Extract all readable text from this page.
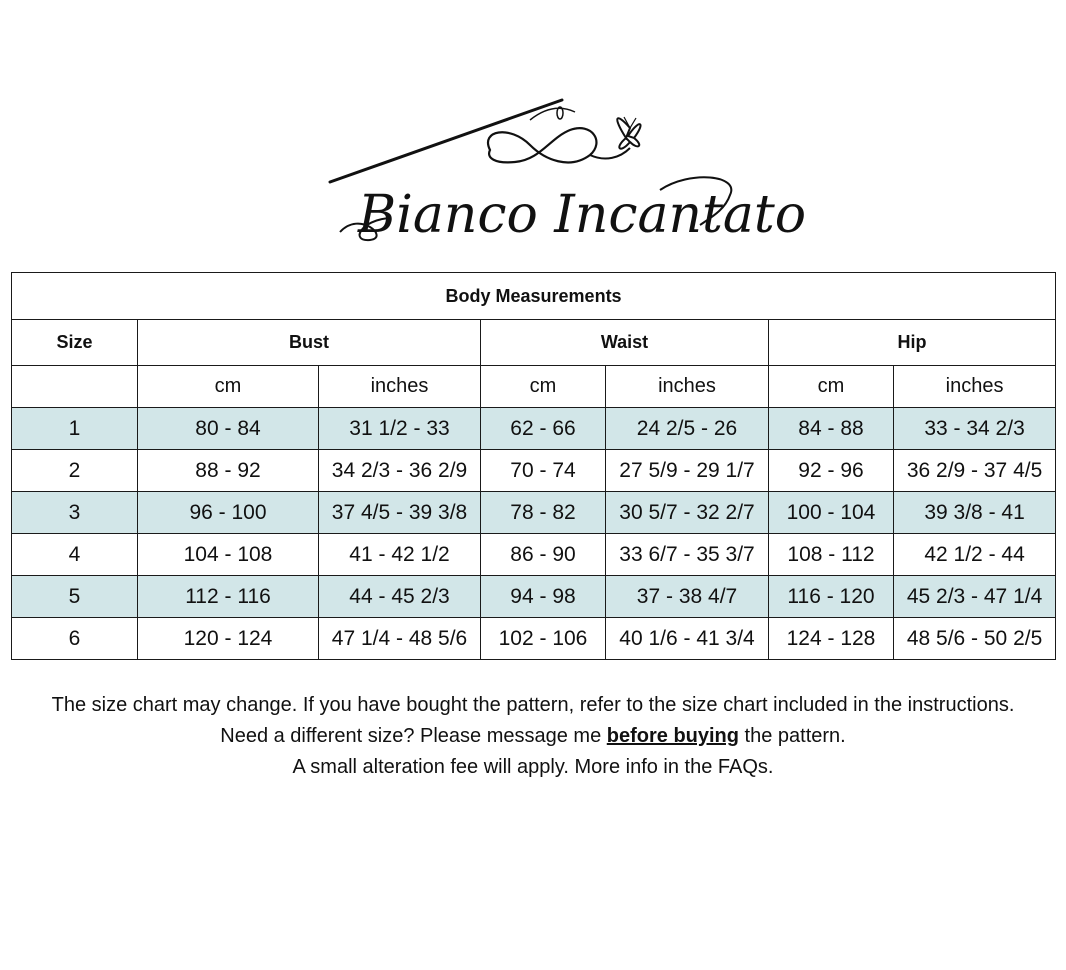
Bianco Incantato
Body Measurements						
Size	Bust		Waist		Hip	
	cm	inches	cm	inches	cm	inches
1	80 - 84	31 1/2 - 33	62 - 66	24 2/5 - 26	84 - 88	33 - 34 2/3
2	88 - 92	34 2/3 - 36 2/9	70 - 74	27 5/9 - 29 1/7	92 - 96	36 2/9 - 37 4/5
3	96 - 100	37 4/5 - 39 3/8	78 - 82	30 5/7 - 32 2/7	100 - 104	39 3/8 - 41
4	104 - 108	41 - 42 1/2	86 - 90	33 6/7 - 35 3/7	108 - 112	42 1/2 - 44
5	112 - 116	44 - 45 2/3	94 - 98	37 - 38 4/7	116 - 120	45 2/3 - 47 1/4
6	120 - 124	47 1/4 - 48 5/6	102 - 106	40 1/6 - 41 3/4	124 - 128	48 5/6 - 50 2/5
The size chart may change. If you have bought the pattern, refer to the size chart included in the instructions.
Need a different size? Please message me before buying the pattern.
A small alteration fee will apply. More info in the FAQs.
